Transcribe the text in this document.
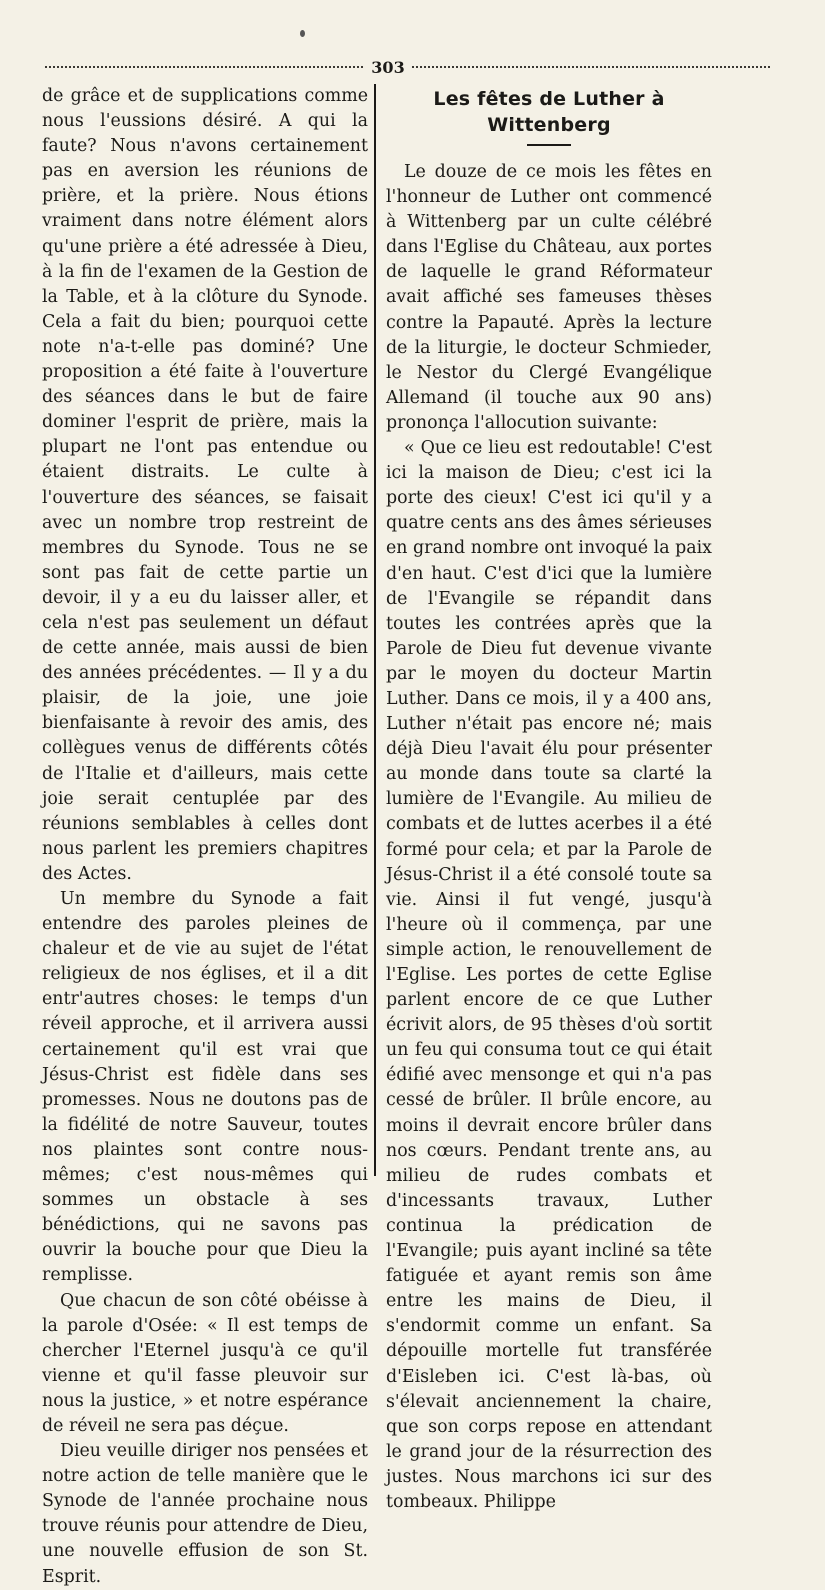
303

de grâce et de supplications comme nous l'eussions désiré. A qui la faute? Nous n'avons certainement pas en aversion les réunions de prière, et la prière. Nous étions vraiment dans notre élément alors qu'une prière a été adressée à Dieu, à la fin de l'examen de la Gestion de la Table, et à la clôture du Synode. Cela a fait du bien; pourquoi cette note n'a-t-elle pas dominé? Une proposition a été faite à l'ouverture des séances dans le but de faire dominer l'esprit de prière, mais la plupart ne l'ont pas entendue ou étaient distraits. Le culte à l'ouverture des séances, se faisait avec un nombre trop restreint de membres du Synode. Tous ne se sont pas fait de cette partie un devoir, il y a eu du laisser aller, et cela n'est pas seulement un défaut de cette année, mais aussi de bien des années précédentes. — Il y a du plaisir, de la joie, une joie bienfaisante à revoir des amis, des collègues venus de différents côtés de l'Italie et d'ailleurs, mais cette joie serait centuplée par des réunions semblables à celles dont nous parlent les premiers chapitres des Actes.

Un membre du Synode a fait entendre des paroles pleines de chaleur et de vie au sujet de l'état religieux de nos églises, et il a dit entr'autres choses: le temps d'un réveil approche, et il arrivera aussi certainement qu'il est vrai que Jésus-Christ est fidèle dans ses promesses. Nous ne doutons pas de la fidélité de notre Sauveur, toutes nos plaintes sont contre nous-mêmes; c'est nous-mêmes qui sommes un obstacle à ses bénédictions, qui ne savons pas ouvrir la bouche pour que Dieu la remplisse.

Que chacun de son côté obéisse à la parole d'Osée: « Il est temps de chercher l'Eternel jusqu'à ce qu'il vienne et qu'il fasse pleuvoir sur nous la justice, » et notre espérance de réveil ne sera pas déçue.

Dieu veuille diriger nos pensées et notre action de telle manière que le Synode de l'année prochaine nous trouve réunis pour attendre de Dieu, une nouvelle effusion de son St. Esprit.

Les fêtes de Luther à Wittenberg

Le douze de ce mois les fêtes en l'honneur de Luther ont commencé à Wittenberg par un culte célébré dans l'Eglise du Château, aux portes de laquelle le grand Réformateur avait affiché ses fameuses thèses contre la Papauté. Après la lecture de la liturgie, le docteur Schmieder, le Nestor du Clergé Evangélique Allemand (il touche aux 90 ans) prononça l'allocution suivante:

« Que ce lieu est redoutable! C'est ici la maison de Dieu; c'est ici la porte des cieux! C'est ici qu'il y a quatre cents ans des âmes sérieuses en grand nombre ont invoqué la paix d'en haut. C'est d'ici que la lumière de l'Evangile se répandit dans toutes les contrées après que la Parole de Dieu fut devenue vivante par le moyen du docteur Martin Luther. Dans ce mois, il y a 400 ans, Luther n'était pas encore né; mais déjà Dieu l'avait élu pour présenter au monde dans toute sa clarté la lumière de l'Evangile. Au milieu de combats et de luttes acerbes il a été formé pour cela; et par la Parole de Jésus-Christ il a été consolé toute sa vie. Ainsi il fut vengé, jusqu'à l'heure où il commença, par une simple action, le renouvellement de l'Eglise. Les portes de cette Eglise parlent encore de ce que Luther écrivit alors, de 95 thèses d'où sortit un feu qui consuma tout ce qui était édifié avec mensonge et qui n'a pas cessé de brûler. Il brûle encore, au moins il devrait encore brûler dans nos cœurs. Pendant trente ans, au milieu de rudes combats et d'incessants travaux, Luther continua la prédication de l'Evangile; puis ayant incliné sa tête fatiguée et ayant remis son âme entre les mains de Dieu, il s'endormit comme un enfant. Sa dépouille mortelle fut transférée d'Eisleben ici. C'est là-bas, où s'élevait anciennement la chaire, que son corps repose en attendant le grand jour de la résurrection des justes. Nous marchons ici sur des tombeaux. Philippe
